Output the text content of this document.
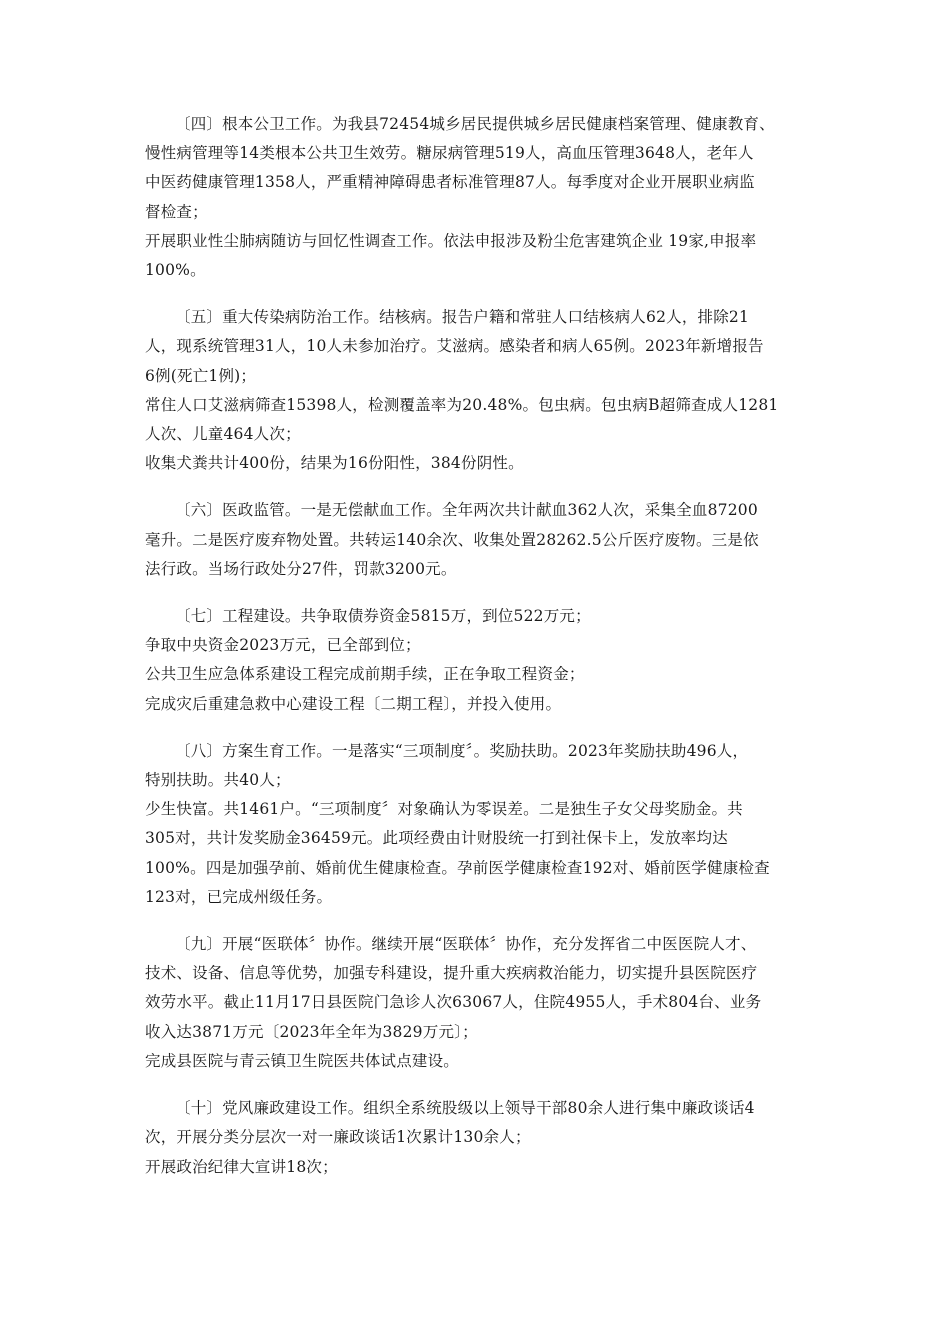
〔四〕根本公卫工作。为我县72454城乡居民提供城乡居民健康档案管理、健康教育、
慢性病管理等14类根本公共卫生效劳。糖尿病管理519人，高血压管理3648人，老年人
中医药健康管理1358人，严重精神障碍患者标准管理87人。每季度对企业开展职业病监
督检查；
开展职业性尘肺病随访与回忆性调查工作。依法申报涉及粉尘危害建筑企业 19家,申报率
100%。
〔五〕重大传染病防治工作。结核病。报告户籍和常驻人口结核病人62人，排除21
人，现系统管理31人，10人未参加治疗。艾滋病。感染者和病人65例。2023年新增报告
6例(死亡1例)；
常住人口艾滋病筛查15398人，检测覆盖率为20.48%。包虫病。包虫病B超筛查成人1281
人次、儿童464人次；
收集犬粪共计400份，结果为16份阳性，384份阴性。
〔六〕医政监管。一是无偿献血工作。全年两次共计献血362人次，采集全血87200
毫升。二是医疗废弃物处置。共转运140余次、收集处置28262.5公斤医疗废物。三是依
法行政。当场行政处分27件，罚款3200元。
〔七〕工程建设。共争取债券资金5815万，到位522万元；
争取中央资金2023万元，已全部到位；
公共卫生应急体系建设工程完成前期手续，正在争取工程资金；
完成灾后重建急救中心建设工程〔二期工程〕，并投入使用。
〔八〕方案生育工作。一是落实“三项制度〞。奖励扶助。2023年奖励扶助496人，
特别扶助。共40人；
少生快富。共1461户。“三项制度〞对象确认为零误差。二是独生子女父母奖励金。共
305对，共计发奖励金36459元。此项经费由计财股统一打到社保卡上，发放率均达
100%。四是加强孕前、婚前优生健康检查。孕前医学健康检查192对、婚前医学健康检查
123对，已完成州级任务。
〔九〕开展“医联体〞协作。继续开展“医联体〞协作，充分发挥省二中医医院人才、
技术、设备、信息等优势，加强专科建设，提升重大疾病救治能力，切实提升县医院医疗
效劳水平。截止11月17日县医院门急诊人次63067人，住院4955人，手术804台、业务
收入达3871万元〔2023年全年为3829万元〕；
完成县医院与青云镇卫生院医共体试点建设。
〔十〕党风廉政建设工作。组织全系统股级以上领导干部80余人进行集中廉政谈话4
次，开展分类分层次一对一廉政谈话1次累计130余人；
开展政治纪律大宣讲18次；
